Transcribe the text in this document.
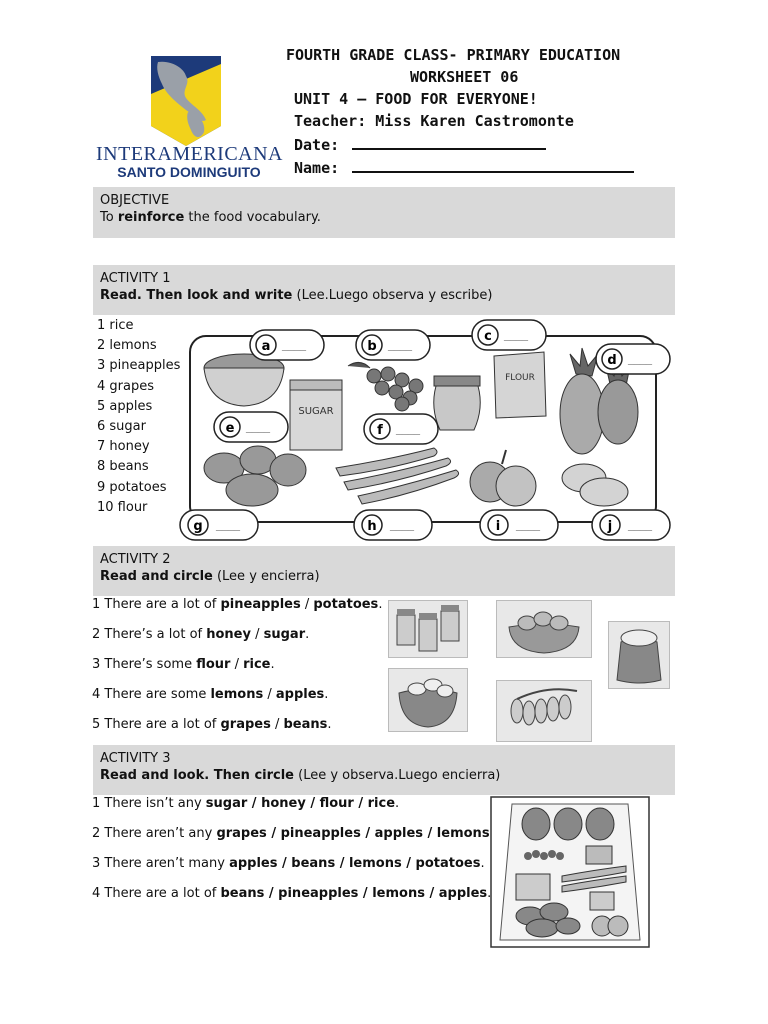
INTERAMERICANA
SANTO DOMINGUITO
FOURTH GRADE CLASS- PRIMARY EDUCATION
WORKSHEET 06
UNIT 4 – FOOD FOR EVERYONE!
Teacher: Miss Karen Castromonte
Date:
Name:
OBJECTIVE
To reinforce the food vocabulary.
ACTIVITY 1
Read. Then look and write (Lee.Luego observa y escribe)
1 rice
2 lemons
3 pineapples
4 grapes
5 apples
6 sugar
7 honey
8 beans
9 potatoes
10 flour
SUGAR
FLOUR
a ____	b ____	c ____
d ____
e ____	f ____
g ____	h ____	i ____	j ____
ACTIVITY 2
Read and circle (Lee y encierra)
1 There are a lot of pineapples / potatoes.
2 There’s a lot of honey / sugar.
3 There’s some flour / rice.
4 There are some lemons / apples.
5 There are a lot of grapes / beans.
ACTIVITY 3
Read and look. Then circle (Lee y observa.Luego encierra)
1 There isn’t any sugar / honey / flour / rice.
2 There aren’t any grapes / pineapples / apples / lemons
3 There aren’t many apples / beans / lemons / potatoes.
4 There are a lot of beans / pineapples / lemons / apples.
